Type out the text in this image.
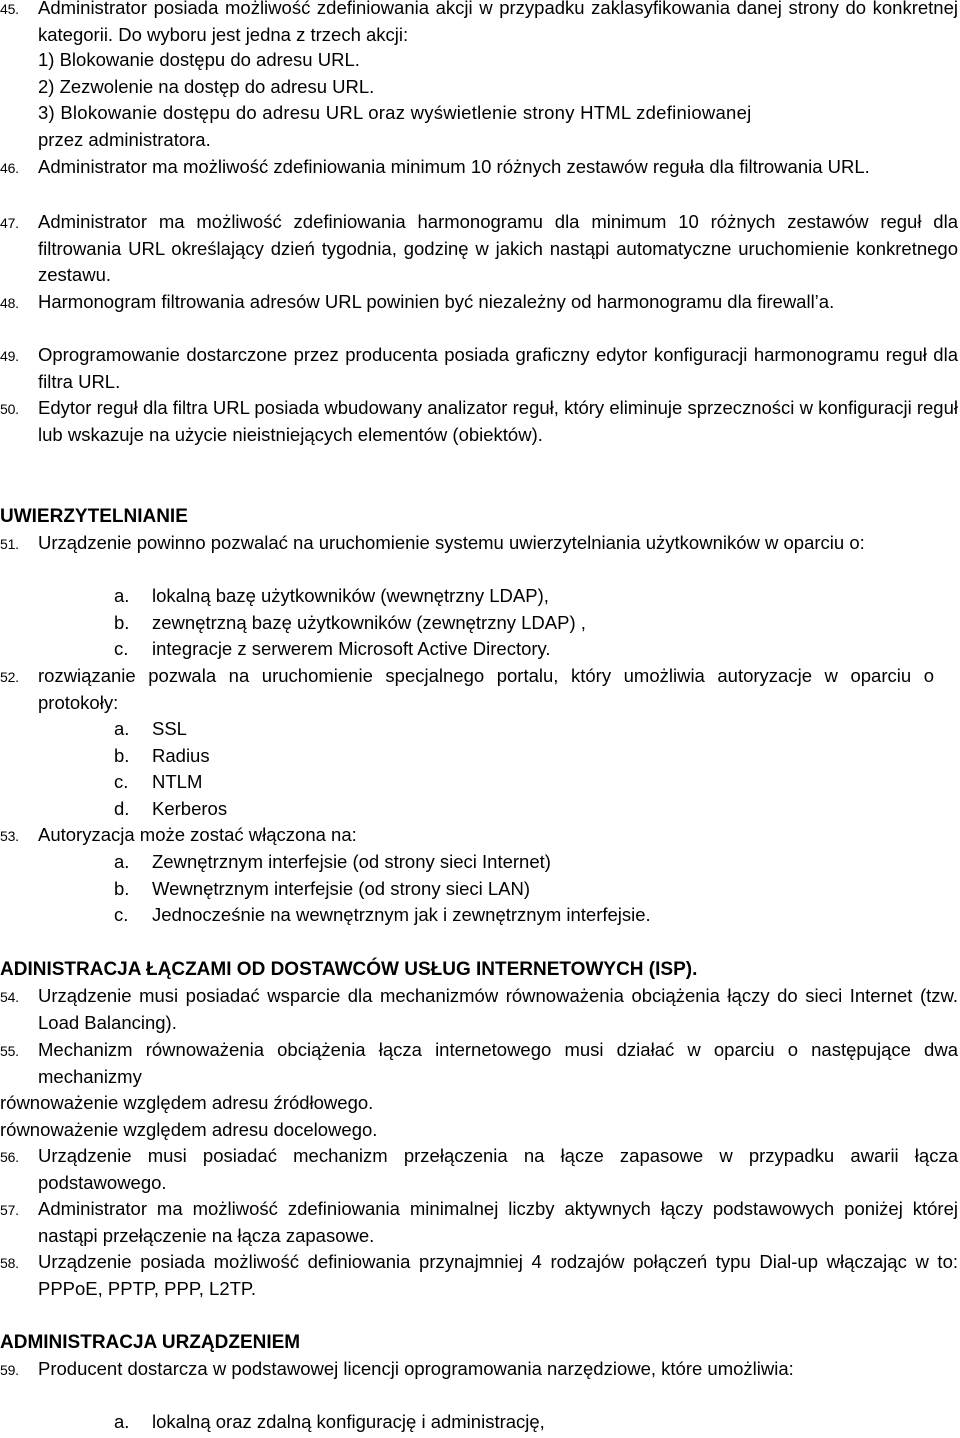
45. Administrator posiada możliwość zdefiniowania akcji w przypadku zaklasyfikowania danej strony do konkretnej kategorii. Do wyboru jest jedna z trzech akcji:
1) Blokowanie dostępu do adresu URL.
2) Zezwolenie na dostęp do adresu URL.
3) Blokowanie dostępu do adresu URL oraz wyświetlenie strony HTML zdefiniowanej
przez administratora.
46. Administrator ma możliwość zdefiniowania minimum 10 różnych zestawów reguła dla filtrowania URL.
47. Administrator ma możliwość zdefiniowania harmonogramu dla minimum 10 różnych zestawów reguł dla filtrowania URL określający dzień tygodnia, godzinę w jakich nastąpi automatyczne uruchomienie konkretnego zestawu.
48. Harmonogram filtrowania adresów URL powinien być niezależny od harmonogramu dla firewall’a.
49. Oprogramowanie dostarczone przez producenta posiada graficzny edytor konfiguracji harmonogramu reguł dla filtra URL.
50. Edytor reguł dla filtra URL posiada wbudowany analizator reguł, który eliminuje sprzeczności w konfiguracji reguł lub wskazuje na użycie nieistniejących elementów (obiektów).
UWIERZYTELNIANIE
51. Urządzenie powinno pozwalać na uruchomienie systemu uwierzytelniania użytkowników w oparciu o:
a. lokalną bazę użytkowników (wewnętrzny LDAP),
b. zewnętrzną bazę użytkowników (zewnętrzny LDAP) ,
c. integracje z serwerem Microsoft Active Directory.
52. rozwiązanie pozwala na uruchomienie specjalnego portalu, który umożliwia autoryzacje w oparciu o protokoły:
a. SSL
b. Radius
c. NTLM
d. Kerberos
53. Autoryzacja może zostać włączona na:
a. Zewnętrznym interfejsie (od strony sieci Internet)
b. Wewnętrznym interfejsie (od strony sieci LAN)
c. Jednocześnie na wewnętrznym jak i zewnętrznym interfejsie.
ADINISTRACJA ŁĄCZAMI OD DOSTAWCÓW USŁUG INTERNETOWYCH (ISP).
54. Urządzenie musi posiadać wsparcie dla mechanizmów równoważenia obciążenia łączy do sieci Internet (tzw. Load Balancing).
55. Mechanizm równoważenia obciążenia łącza internetowego musi działać w oparciu o następujące dwa mechanizmy
równoważenie względem adresu źródłowego.
równoważenie względem adresu docelowego.
56. Urządzenie musi posiadać mechanizm przełączenia na łącze zapasowe w przypadku awarii łącza podstawowego.
57. Administrator ma możliwość zdefiniowania minimalnej liczby aktywnych łączy podstawowych poniżej której nastąpi przełączenie na łącza zapasowe.
58. Urządzenie posiada możliwość definiowania przynajmniej 4 rodzajów połączeń typu Dial-up włączając w to: PPPoE, PPTP, PPP, L2TP.
ADMINISTRACJA URZĄDZENIEM
59. Producent dostarcza w podstawowej licencji oprogramowania narzędziowe, które umożliwia:
a. lokalną oraz zdalną konfigurację i administrację,
